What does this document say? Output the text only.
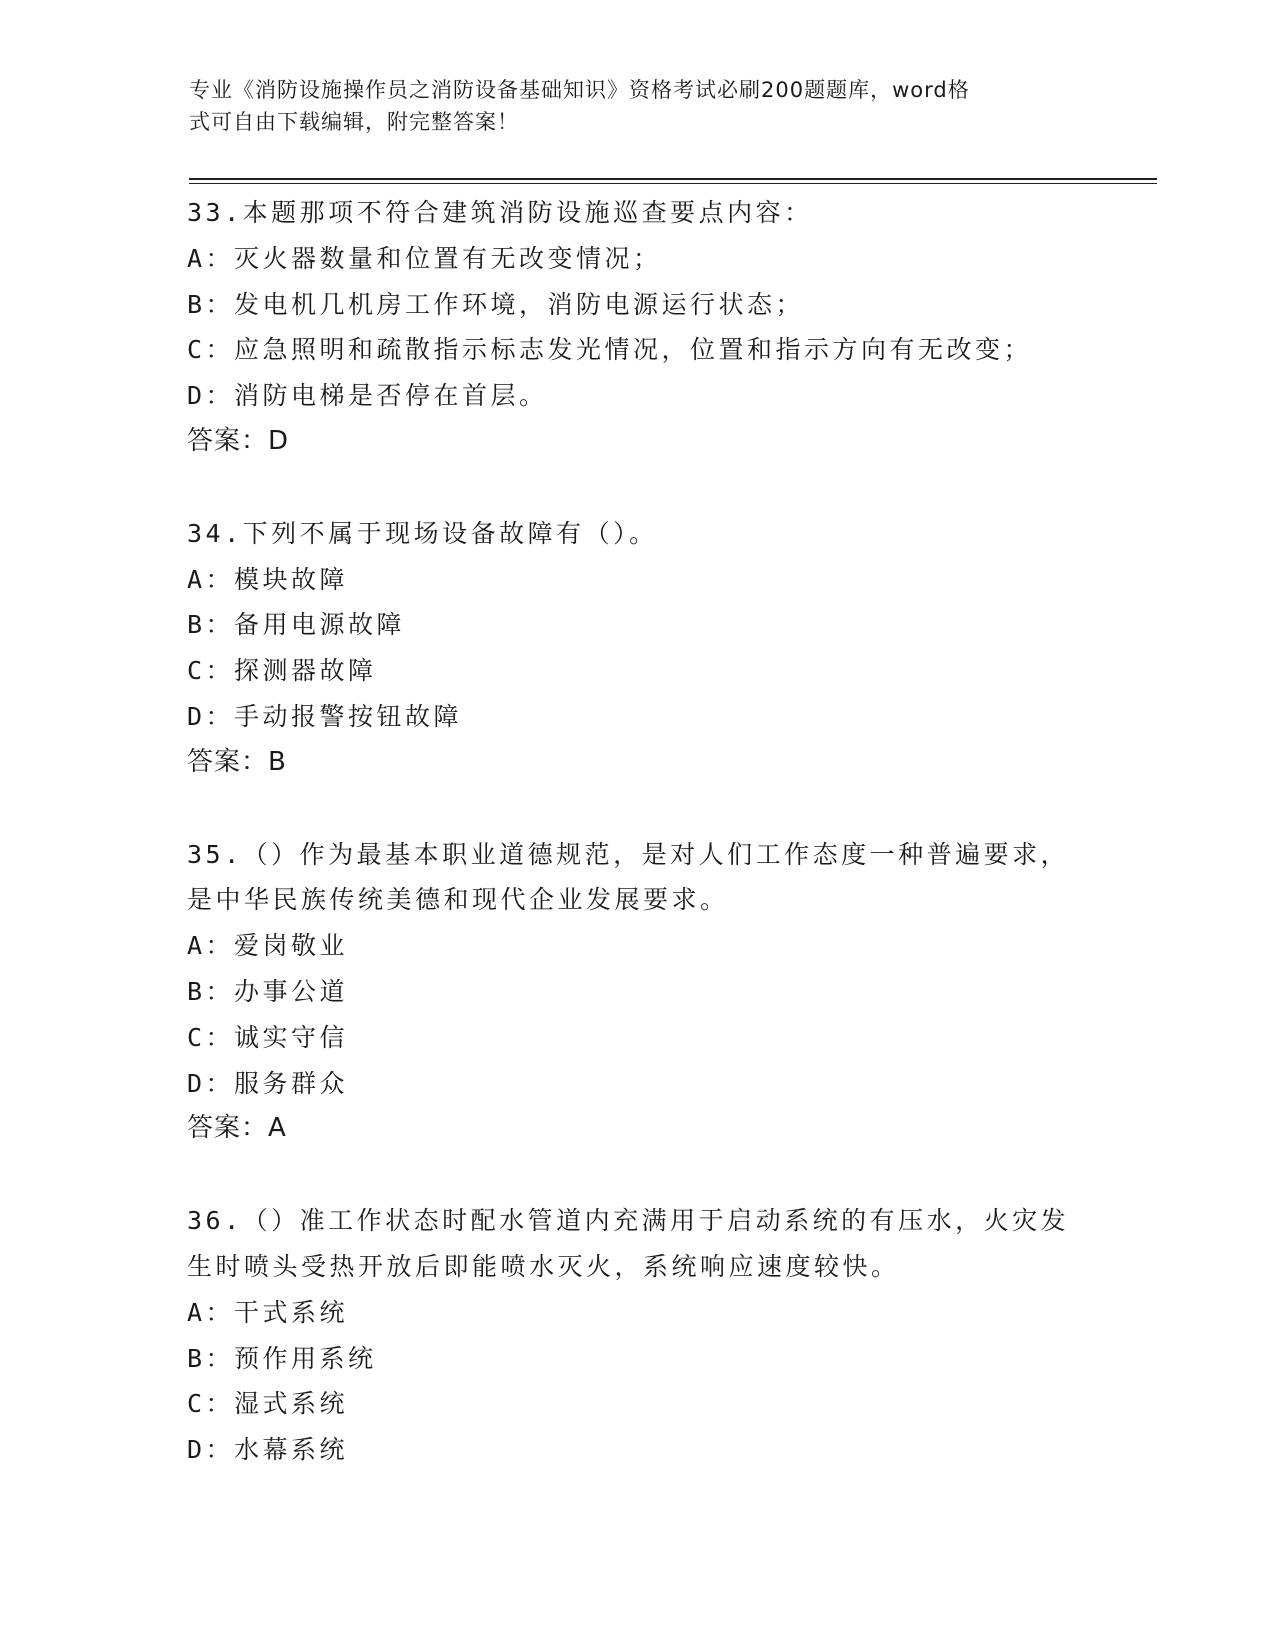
专业《消防设施操作员之消防设备基础知识》资格考试必刷200题题库，word格
式可自由下载编辑，附完整答案！
33.本题那项不符合建筑消防设施巡查要点内容：
A：灭火器数量和位置有无改变情况；
B：发电机几机房工作环境，消防电源运行状态；
C：应急照明和疏散指示标志发光情况，位置和指示方向有无改变；
D：消防电梯是否停在首层。
答案：D
34.下列不属于现场设备故障有（）。
A：模块故障
B：备用电源故障
C：探测器故障
D：手动报警按钮故障
答案：B
35.（）作为最基本职业道德规范，是对人们工作态度一种普遍要求，
是中华民族传统美德和现代企业发展要求。
A：爱岗敬业
B：办事公道
C：诚实守信
D：服务群众
答案：A
36.（）准工作状态时配水管道内充满用于启动系统的有压水，火灾发
生时喷头受热开放后即能喷水灭火，系统响应速度较快。
A：干式系统
B：预作用系统
C：湿式系统
D：水幕系统
